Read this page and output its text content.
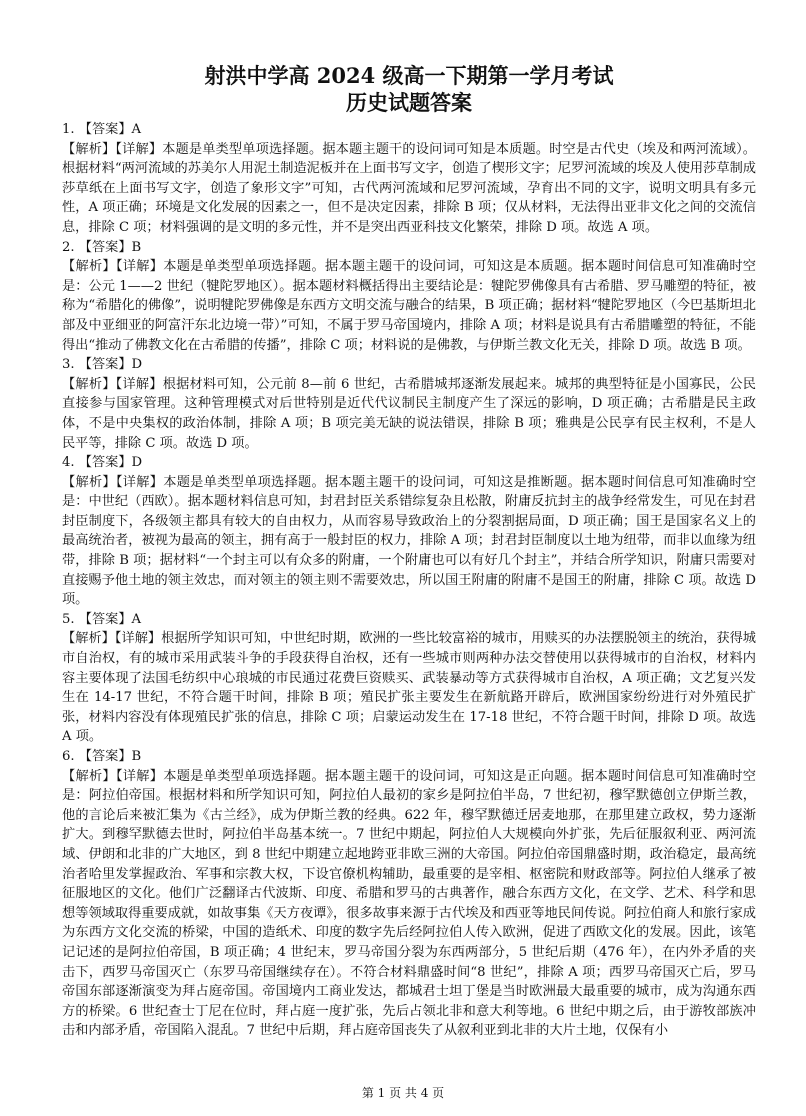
射洪中学高 2024 级高一下期第一学月考试
历史试题答案

1. 【答案】A

【解析】【详解】本题是单类型单项选择题。据本题主题干的设问词可知是本质题。时空是古代史（埃及和两河流域）。根据材料“两河流域的苏美尔人用泥土制造泥板并在上面书写文字，创造了楔形文字；尼罗河流域的埃及人使用莎草制成莎草纸在上面书写文字，创造了象形文字”可知，古代两河流域和尼罗河流域，孕育出不同的文字，说明文明具有多元性，A 项正确；环境是文化发展的因素之一，但不是决定因素，排除 B 项；仅从材料，无法得出亚非文化之间的交流信息，排除 C 项；材料强调的是文明的多元性，并不是突出西亚科技文化繁荣，排除 D 项。故选 A 项。

2. 【答案】B

【解析】【详解】本题是单类型单项选择题。据本题主题干的设问词，可知这是本质题。据本题时间信息可知准确时空是：公元 1——2 世纪（犍陀罗地区）。据本题材料概括得出主要结论是：犍陀罗佛像具有古希腊、罗马雕塑的特征，被称为“希腊化的佛像”，说明犍陀罗佛像是东西方文明交流与融合的结果，B 项正确；据材料“犍陀罗地区（今巴基斯坦北部及中亚细亚的阿富汗东北边境一带）”可知，不属于罗马帝国境内，排除 A 项；材料是说具有古希腊雕塑的特征，不能得出“推动了佛教文化在古希腊的传播”，排除 C 项；材料说的是佛教，与伊斯兰教文化无关，排除 D 项。故选 B 项。

3. 【答案】D

【解析】【详解】根据材料可知，公元前 8—前 6 世纪，古希腊城邦逐渐发展起来。城邦的典型特征是小国寡民，公民直接参与国家管理。这种管理模式对后世特别是近代代议制民主制度产生了深远的影响，D 项正确；古希腊是民主政体，不是中央集权的政治体制，排除 A 项；B 项完美无缺的说法错误，排除 B 项；雅典是公民享有民主权利，不是人民平等，排除 C 项。故选 D 项。

4. 【答案】D

【解析】【详解】本题是单类型单项选择题。据本题主题干的设问词，可知这是推断题。据本题时间信息可知准确时空是：中世纪（西欧）。据本题材料信息可知，封君封臣关系错综复杂且松散，附庸反抗封主的战争经常发生，可见在封君封臣制度下，各级领主都具有较大的自由权力，从而容易导致政治上的分裂割据局面，D 项正确；国王是国家名义上的最高统治者，被视为最高的领主，拥有高于一般封臣的权力，排除 A 项；封君封臣制度以土地为纽带，而非以血缘为纽带，排除 B 项；据材料“一个封主可以有众多的附庸，一个附庸也可以有好几个封主”，并结合所学知识，附庸只需要对直接赐予他土地的领主效忠，而对领主的领主则不需要效忠，所以国王附庸的附庸不是国王的附庸，排除 C 项。故选 D 项。

5. 【答案】A

【解析】【详解】根据所学知识可知，中世纪时期，欧洲的一些比较富裕的城市，用赎买的办法摆脱领主的统治，获得城市自治权，有的城市采用武装斗争的手段获得自治权，还有一些城市则两种办法交替使用以获得城市的自治权，材料内容主要体现了法国毛纺织中心琅城的市民通过花费巨资赎买、武装暴动等方式获得城市自治权，A 项正确；文艺复兴发生在 14-17 世纪，不符合题干时间，排除 B 项；殖民扩张主要发生在新航路开辟后，欧洲国家纷纷进行对外殖民扩张，材料内容没有体现殖民扩张的信息，排除 C 项；启蒙运动发生在 17-18 世纪，不符合题干时间，排除 D 项。故选 A 项。

6. 【答案】B

【解析】【详解】本题是单类型单项选择题。据本题主题干的设问词，可知这是正向题。据本题时间信息可知准确时空是：阿拉伯帝国。根据材料和所学知识可知，阿拉伯人最初的家乡是阿拉伯半岛，7 世纪初，穆罕默德创立伊斯兰教，他的言论后来被汇集为《古兰经》，成为伊斯兰教的经典。622 年，穆罕默德迁居麦地那，在那里建立政权，势力逐渐扩大。到穆罕默德去世时，阿拉伯半岛基本统一。7 世纪中期起，阿拉伯人大规模向外扩张，先后征服叙利亚、两河流域、伊朗和北非的广大地区，到 8 世纪中期建立起地跨亚非欧三洲的大帝国。阿拉伯帝国鼎盛时期，政治稳定，最高统治者哈里发掌握政治、军事和宗教大权，下设官僚机构辅助，最重要的是宰相、枢密院和财政部等。阿拉伯人继承了被征服地区的文化。他们广泛翻译古代波斯、印度、希腊和罗马的古典著作，融合东西方文化，在文学、艺术、科学和思想等领域取得重要成就，如故事集《天方夜谭》，很多故事来源于古代埃及和西亚等地民间传说。阿拉伯商人和旅行家成为东西方文化交流的桥梁，中国的造纸术、印度的数字先后经阿拉伯人传入欧洲，促进了西欧文化的发展。因此，该笔记记述的是阿拉伯帝国，B 项正确；4 世纪末，罗马帝国分裂为东西两部分，5 世纪后期（476 年），在内外矛盾的夹击下，西罗马帝国灭亡（东罗马帝国继续存在）。不符合材料鼎盛时间“8 世纪”，排除 A 项；西罗马帝国灭亡后，罗马帝国东部逐渐演变为拜占庭帝国。帝国境内工商业发达，都城君士坦丁堡是当时欧洲最大最重要的城市，成为沟通东西方的桥梁。6 世纪查士丁尼在位时，拜占庭一度扩张，先后占领北非和意大利等地。6 世纪中期之后，由于游牧部族冲击和内部矛盾，帝国陷入混乱。7 世纪中后期，拜占庭帝国丧失了从叙利亚到北非的大片土地，仅保有小

第 1 页 共 4 页
